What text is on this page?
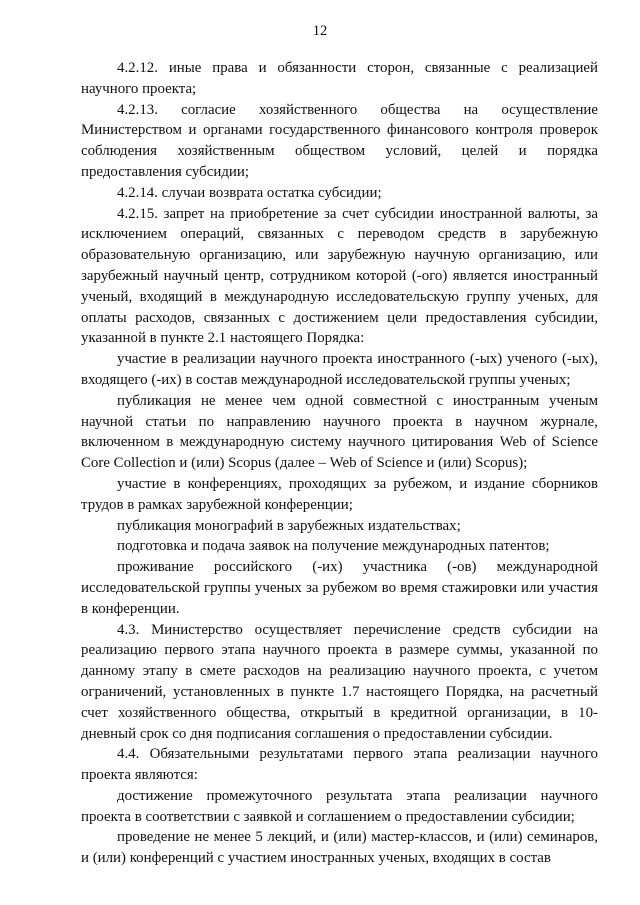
12

4.2.12. иные права и обязанности сторон, связанные с реализацией научного проекта;

4.2.13. согласие хозяйственного общества на осуществление Министерством и органами государственного финансового контроля проверок соблюдения хозяйственным обществом условий, целей и порядка предоставления субсидии;

4.2.14. случаи возврата остатка субсидии;

4.2.15. запрет на приобретение за счет субсидии иностранной валюты, за исключением операций, связанных с переводом средств в зарубежную образовательную организацию, или зарубежную научную организацию, или зарубежный научный центр, сотрудником которой (-ого) является иностранный ученый, входящий в международную исследовательскую группу ученых, для оплаты расходов, связанных с достижением цели предоставления субсидии, указанной в пункте 2.1 настоящего Порядка:

участие в реализации научного проекта иностранного (-ых) ученого (-ых), входящего (-их) в состав международной исследовательской группы ученых;

публикация не менее чем одной совместной с иностранным ученым научной статьи по направлению научного проекта в научном журнале, включенном в международную систему научного цитирования Web of Science Core Collection и (или) Scopus (далее – Web of Science и (или) Scopus);

участие в конференциях, проходящих за рубежом, и издание сборников трудов в рамках зарубежной конференции;

публикация монографий в зарубежных издательствах;

подготовка и подача заявок на получение международных патентов;

проживание российского (-их) участника (-ов) международной исследовательской группы ученых за рубежом во время стажировки или участия в конференции.

4.3. Министерство осуществляет перечисление средств субсидии на реализацию первого этапа научного проекта в размере суммы, указанной по данному этапу в смете расходов на реализацию научного проекта, с учетом ограничений, установленных в пункте 1.7 настоящего Порядка, на расчетный счет хозяйственного общества, открытый в кредитной организации, в 10-дневный срок со дня подписания соглашения о предоставлении субсидии.

4.4. Обязательными результатами первого этапа реализации научного проекта являются:

достижение промежуточного результата этапа реализации научного проекта в соответствии с заявкой и соглашением о предоставлении субсидии;

проведение не менее 5 лекций, и (или) мастер-классов, и (или) семинаров, и (или) конференций с участием иностранных ученых, входящих в состав
